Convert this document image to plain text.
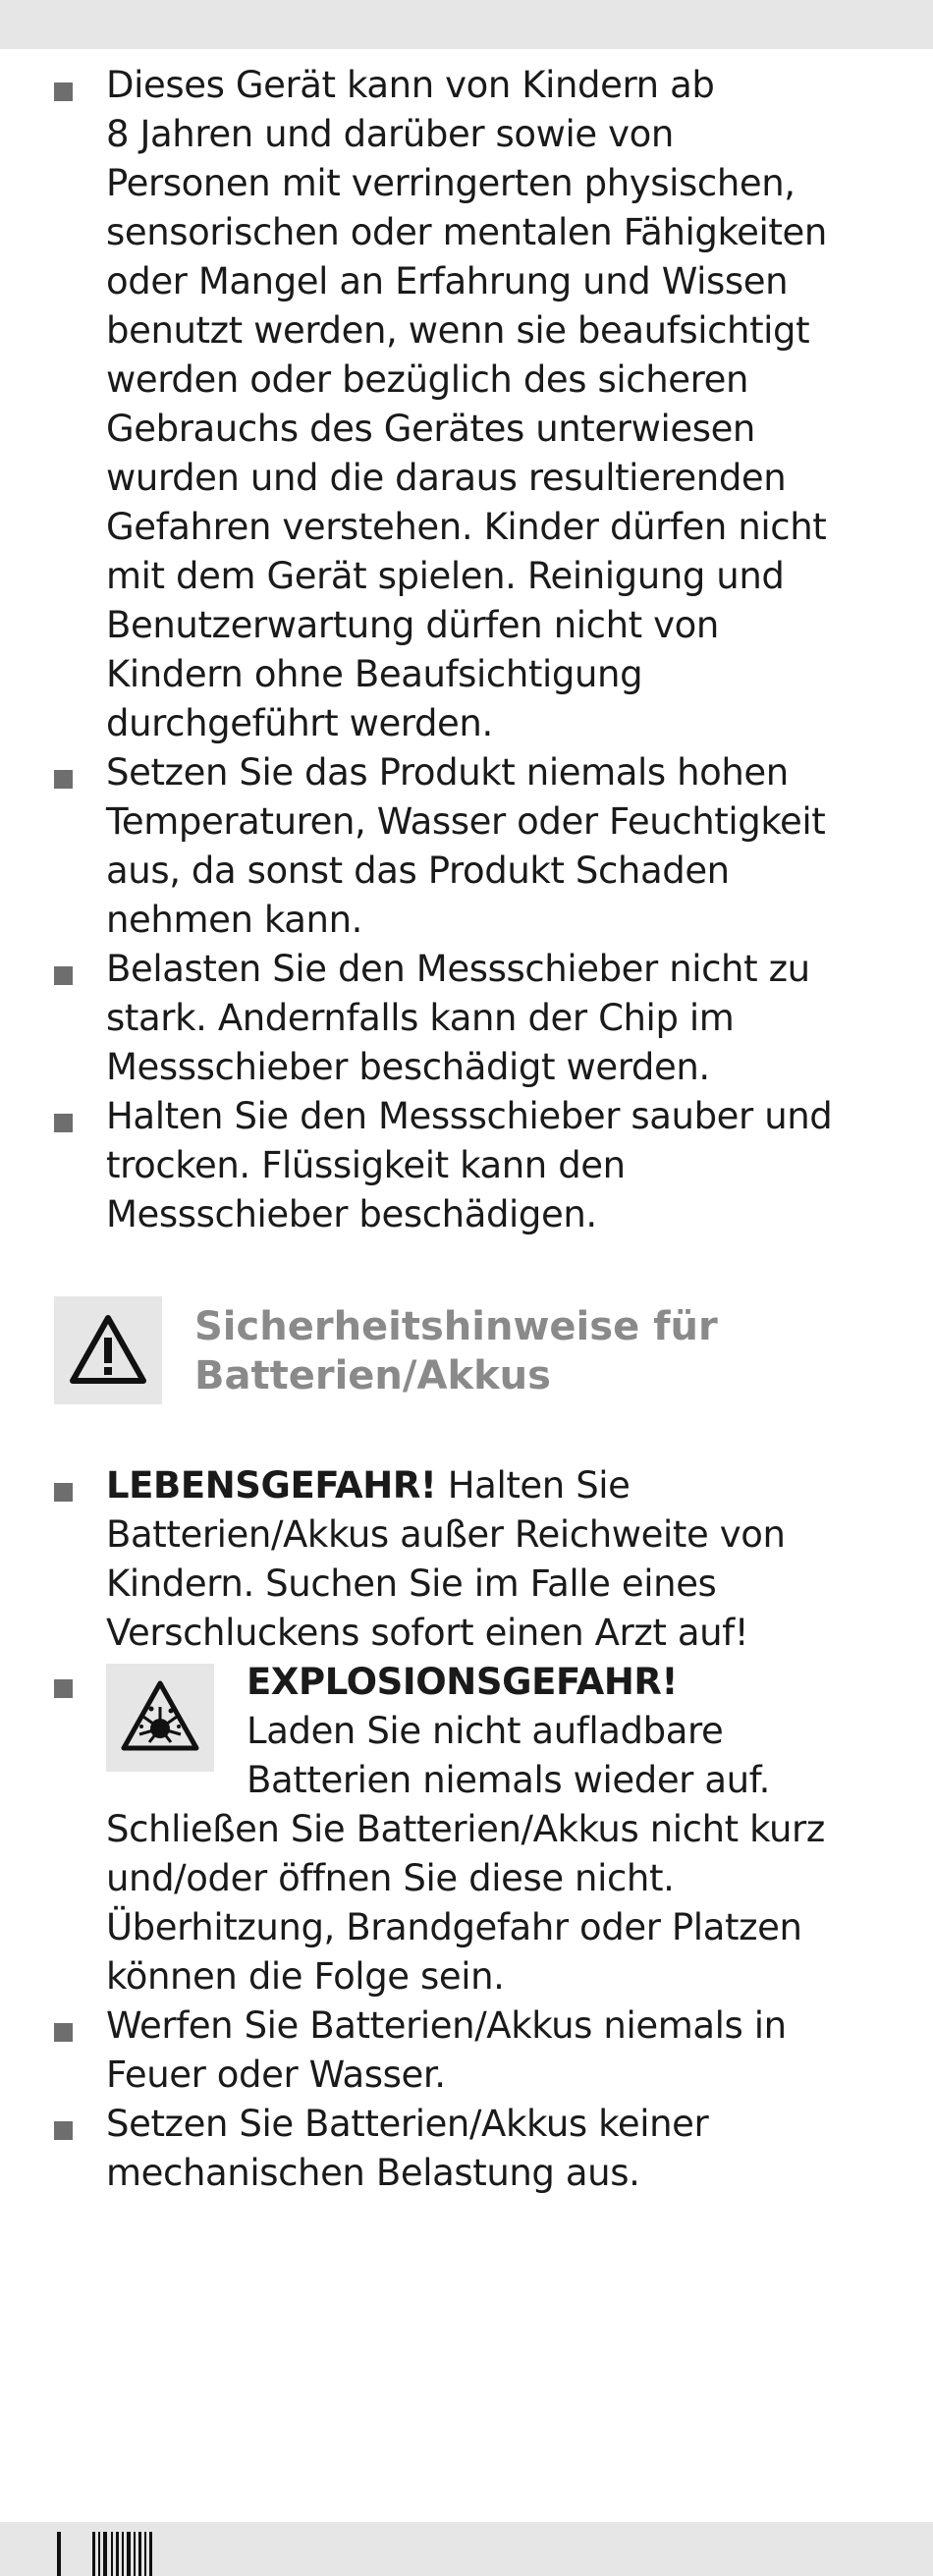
Dieses Gerät kann von Kindern ab
8 Jahren und darüber sowie von
Personen mit verringerten physischen,
sensorischen oder mentalen Fähigkeiten
oder Mangel an Erfahrung und Wissen
benutzt werden, wenn sie beaufsichtigt
werden oder bezüglich des sicheren
Gebrauchs des Gerätes unterwiesen
wurden und die daraus resultierenden
Gefahren verstehen. Kinder dürfen nicht
mit dem Gerät spielen. Reinigung und
Benutzerwartung dürfen nicht von
Kindern ohne Beaufsichtigung
durchgeführt werden.

Setzen Sie das Produkt niemals hohen
Temperaturen, Wasser oder Feuchtigkeit
aus, da sonst das Produkt Schaden
nehmen kann.

Belasten Sie den Messschieber nicht zu
stark. Andernfalls kann der Chip im
Messschieber beschädigt werden.

Halten Sie den Messschieber sauber und
trocken. Flüssigkeit kann den
Messschieber beschädigen.

Sicherheitshinweise für
Batterien/Akkus

LEBENSGEFAHR! Halten Sie
Batterien/Akkus außer Reichweite von
Kindern. Suchen Sie im Falle eines
Verschluckens sofort einen Arzt auf!

EXPLOSIONSGEFAHR!
Laden Sie nicht aufladbare
Batterien niemals wieder auf.

Schließen Sie Batterien/Akkus nicht kurz
und/oder öffnen Sie diese nicht.
Überhitzung, Brandgefahr oder Platzen
können die Folge sein.

Werfen Sie Batterien/Akkus niemals in
Feuer oder Wasser.

Setzen Sie Batterien/Akkus keiner
mechanischen Belastung aus.
